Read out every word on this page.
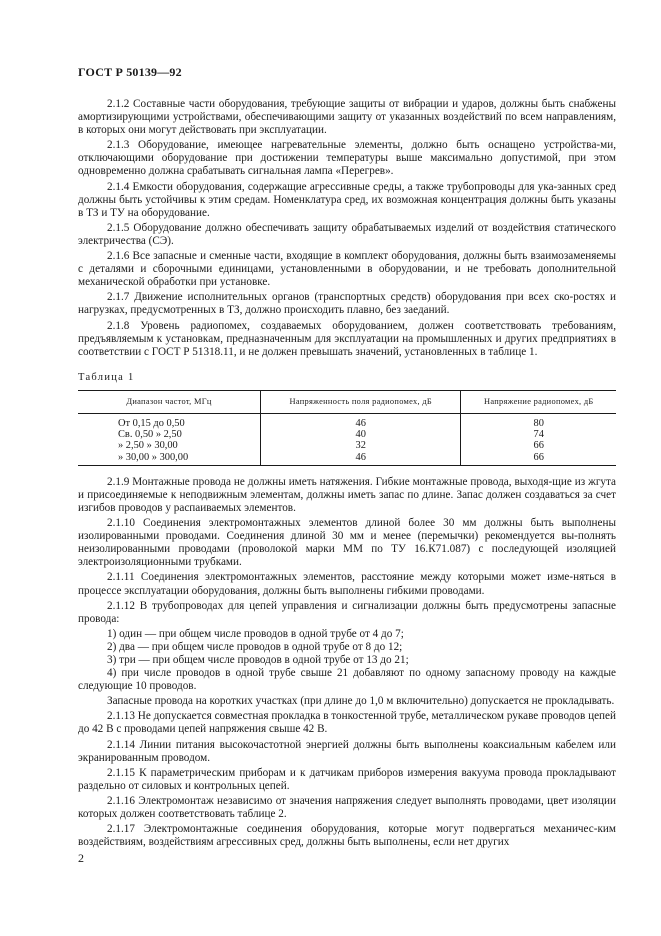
ГОСТ Р 50139—92

2.1.2 Составные части оборудования, требующие защиты от вибрации и ударов, должны быть снабжены амортизирующими устройствами, обеспечивающими защиту от указанных воздействий по всем направлениям, в которых они могут действовать при эксплуатации.

2.1.3 Оборудование, имеющее нагревательные элементы, должно быть оснащено устройства-ми, отключающими оборудование при достижении температуры выше максимально допустимой, при этом одновременно должна срабатывать сигнальная лампа «Перегрев».

2.1.4 Емкости оборудования, содержащие агрессивные среды, а также трубопроводы для ука-занных сред должны быть устойчивы к этим средам. Номенклатура сред, их возможная концентрация должны быть указаны в ТЗ и ТУ на оборудование.

2.1.5 Оборудование должно обеспечивать защиту обрабатываемых изделий от воздействия статического электричества (СЭ).

2.1.6 Все запасные и сменные части, входящие в комплект оборудования, должны быть взаимозаменяемы с деталями и сборочными единицами, установленными в оборудовании, и не требовать дополнительной механической обработки при установке.

2.1.7 Движение исполнительных органов (транспортных средств) оборудования при всех ско-ростях и нагрузках, предусмотренных в ТЗ, должно происходить плавно, без заеданий.

2.1.8 Уровень радиопомех, создаваемых оборудованием, должен соответствовать требованиям, предъявляемым к установкам, предназначенным для эксплуатации на промышленных и других предприятиях в соответствии с ГОСТ Р 51318.11, и не должен превышать значений, установленных в таблице 1.

Таблица 1
Диапазон частот, МГц	Напряженность поля радиопомех, дБ	Напряжение радиопомех, дБ
От 0,15 до 0,50	46	80
Св. 0,50 » 2,50	40	74
» 2,50 » 30,00	32	66
» 30,00 » 300,00	46	66

2.1.9 Монтажные провода не должны иметь натяжения. Гибкие монтажные провода, выходя-щие из жгута и присоединяемые к неподвижным элементам, должны иметь запас по длине. Запас должен создаваться за счет изгибов проводов у распаиваемых элементов.

2.1.10 Соединения электромонтажных элементов длиной более 30 мм должны быть выполнены изолированными проводами. Соединения длиной 30 мм и менее (перемычки) рекомендуется вы-полнять неизолированными проводами (проволокой марки ММ по ТУ 16.К71.087) с последующей изоляцией электроизоляционными трубками.

2.1.11 Соединения электромонтажных элементов, расстояние между которыми может изме-няться в процессе эксплуатации оборудования, должны быть выполнены гибкими проводами.

2.1.12 В трубопроводах для цепей управления и сигнализации должны быть предусмотрены запасные провода:

1) один — при общем числе проводов в одной трубе от 4 до 7;

2) два — при общем числе проводов в одной трубе от 8 до 12;

3) три — при общем числе проводов в одной трубе от 13 до 21;

4) при числе проводов в одной трубе свыше 21 добавляют по одному запасному проводу на каждые следующие 10 проводов.

Запасные провода на коротких участках (при длине до 1,0 м включительно) допускается не прокладывать.

2.1.13 Не допускается совместная прокладка в тонкостенной трубе, металлическом рукаве проводов цепей до 42 В с проводами цепей напряжения свыше 42 В.

2.1.14 Линии питания высокочастотной энергией должны быть выполнены коаксиальным кабелем или экранированным проводом.

2.1.15 К параметрическим приборам и к датчикам приборов измерения вакуума провода прокладывают раздельно от силовых и контрольных цепей.

2.1.16 Электромонтаж независимо от значения напряжения следует выполнять проводами, цвет изоляции которых должен соответствовать таблице 2.

2.1.17 Электромонтажные соединения оборудования, которые могут подвергаться механичес-ким воздействиям, воздействиям агрессивных сред, должны быть выполнены, если нет других

2
